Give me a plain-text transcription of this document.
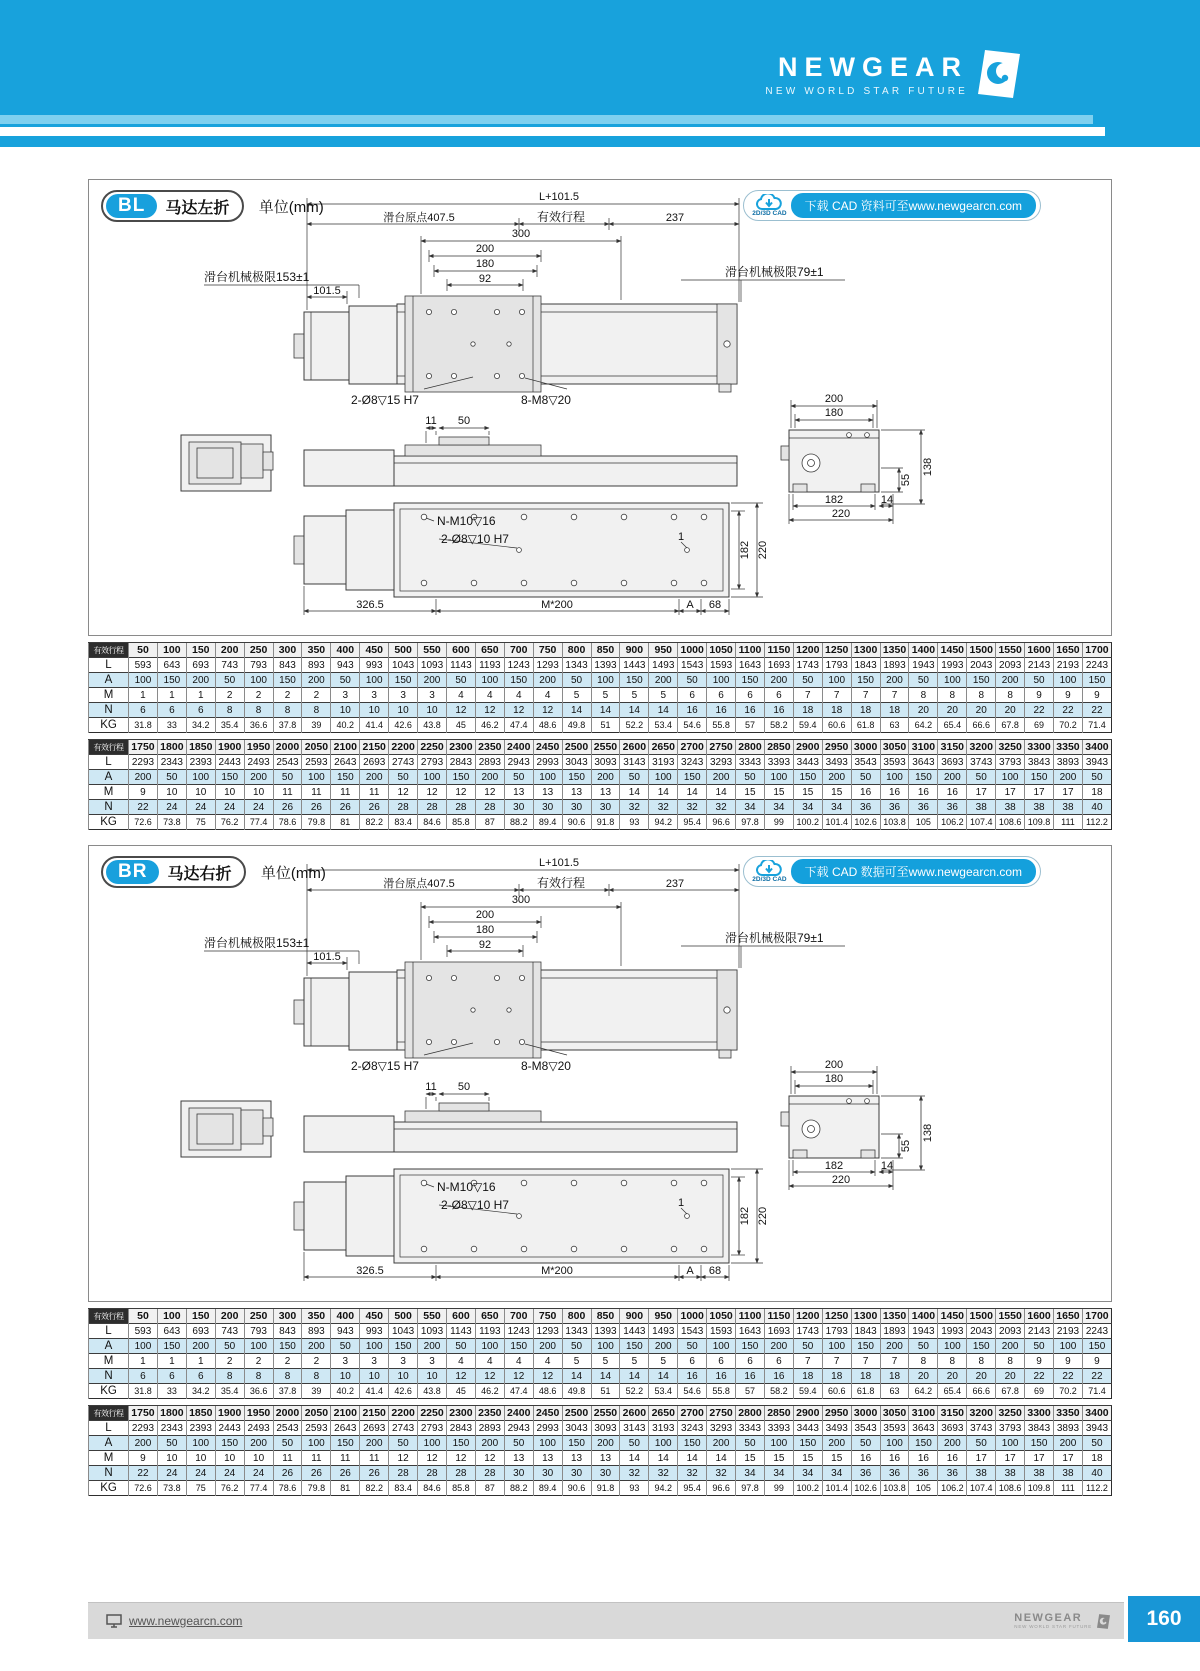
NEWGEAR
NEW WORLD STAR FUTURE
L+101.5
滑台原点407.5	有效行程	237
300
200
180
92
滑台机械极限153±1
101.5
滑台机械极限79±1
2-Ø8▽15 H7	8-M8▽20
11 50
200
180
55
138
182	14
220
N-M10▽16
2-Ø8▽10 H7	1
182 220
326.5	M*200	A 68
BL	马达左折	单位(mm)	2D/3D CAD
下载 CAD 资料可至www.newgearcn.com
有效行程	50	100	150	200	250	300	350	400	450	500	550	600	650	700	750	800	850	900	950	1000	1050	1100	1150	1200	1250	1300	1350	1400	1450	1500	1550	1600	1650	1700
L	593	643	693	743	793	843	893	943	993	1043	1093	1143	1193	1243	1293	1343	1393	1443	1493	1543	1593	1643	1693	1743	1793	1843	1893	1943	1993	2043	2093	2143	2193	2243
A	100	150	200	50	100	150	200	50	100	150	200	50	100	150	200	50	100	150	200	50	100	150	200	50	100	150	200	50	100	150	200	50	100	150
M	1	1	1	2	2	2	2	3	3	3	3	4	4	4	4	5	5	5	5	6	6	6	6	7	7	7	7	8	8	8	8	9	9	9
N	6	6	6	8	8	8	8	10	10	10	10	12	12	12	12	14	14	14	14	16	16	16	16	18	18	18	18	20	20	20	20	22	22	22
KG	31.8	33	34.2	35.4	36.6	37.8	39	40.2	41.4	42.6	43.8	45	46.2	47.4	48.6	49.8	51	52.2	53.4	54.6	55.8	57	58.2	59.4	60.6	61.8	63	64.2	65.4	66.6	67.8	69	70.2	71.4
有效行程	1750	1800	1850	1900	1950	2000	2050	2100	2150	2200	2250	2300	2350	2400	2450	2500	2550	2600	2650	2700	2750	2800	2850	2900	2950	3000	3050	3100	3150	3200	3250	3300	3350	3400
L	2293	2343	2393	2443	2493	2543	2593	2643	2693	2743	2793	2843	2893	2943	2993	3043	3093	3143	3193	3243	3293	3343	3393	3443	3493	3543	3593	3643	3693	3743	3793	3843	3893	3943
A	200	50	100	150	200	50	100	150	200	50	100	150	200	50	100	150	200	50	100	150	200	50	100	150	200	50	100	150	200	50	100	150	200	50
M	9	10	10	10	10	11	11	11	11	12	12	12	12	13	13	13	13	14	14	14	14	15	15	15	15	16	16	16	16	17	17	17	17	18
N	22	24	24	24	24	26	26	26	26	28	28	28	28	30	30	30	30	32	32	32	32	34	34	34	34	36	36	36	36	38	38	38	38	40
KG	72.6	73.8	75	76.2	77.4	78.6	79.8	81	82.2	83.4	84.6	85.8	87	88.2	89.4	90.6	91.8	93	94.2	95.4	96.6	97.8	99	100.2	101.4	102.6	103.8	105	106.2	107.4	108.6	109.8	111	112.2
L+101.5
滑台原点407.5	有效行程	237
300
200
180
92
滑台机械极限153±1
101.5
滑台机械极限79±1
2-Ø8▽15 H7	8-M8▽20
11 50
200
180
55
138
182	14
220
N-M10▽16
2-Ø8▽10 H7	1
182 220
326.5	M*200	A 68
BR	马达右折	单位(mm)	2D/3D CAD
下载 CAD 数据可至www.newgearcn.com
有效行程	50	100	150	200	250	300	350	400	450	500	550	600	650	700	750	800	850	900	950	1000	1050	1100	1150	1200	1250	1300	1350	1400	1450	1500	1550	1600	1650	1700
L	593	643	693	743	793	843	893	943	993	1043	1093	1143	1193	1243	1293	1343	1393	1443	1493	1543	1593	1643	1693	1743	1793	1843	1893	1943	1993	2043	2093	2143	2193	2243
A	100	150	200	50	100	150	200	50	100	150	200	50	100	150	200	50	100	150	200	50	100	150	200	50	100	150	200	50	100	150	200	50	100	150
M	1	1	1	2	2	2	2	3	3	3	3	4	4	4	4	5	5	5	5	6	6	6	6	7	7	7	7	8	8	8	8	9	9	9
N	6	6	6	8	8	8	8	10	10	10	10	12	12	12	12	14	14	14	14	16	16	16	16	18	18	18	18	20	20	20	20	22	22	22
KG	31.8	33	34.2	35.4	36.6	37.8	39	40.2	41.4	42.6	43.8	45	46.2	47.4	48.6	49.8	51	52.2	53.4	54.6	55.8	57	58.2	59.4	60.6	61.8	63	64.2	65.4	66.6	67.8	69	70.2	71.4
有效行程	1750	1800	1850	1900	1950	2000	2050	2100	2150	2200	2250	2300	2350	2400	2450	2500	2550	2600	2650	2700	2750	2800	2850	2900	2950	3000	3050	3100	3150	3200	3250	3300	3350	3400
L	2293	2343	2393	2443	2493	2543	2593	2643	2693	2743	2793	2843	2893	2943	2993	3043	3093	3143	3193	3243	3293	3343	3393	3443	3493	3543	3593	3643	3693	3743	3793	3843	3893	3943
A	200	50	100	150	200	50	100	150	200	50	100	150	200	50	100	150	200	50	100	150	200	50	100	150	200	50	100	150	200	50	100	150	200	50
M	9	10	10	10	10	11	11	11	11	12	12	12	12	13	13	13	13	14	14	14	14	15	15	15	15	16	16	16	16	17	17	17	17	18
N	22	24	24	24	24	26	26	26	26	28	28	28	28	30	30	30	30	32	32	32	32	34	34	34	34	36	36	36	36	38	38	38	38	40
KG	72.6	73.8	75	76.2	77.4	78.6	79.8	81	82.2	83.4	84.6	85.8	87	88.2	89.4	90.6	91.8	93	94.2	95.4	96.6	97.8	99	100.2	101.4	102.6	103.8	105	106.2	107.4	108.6	109.8	111	112.2
www.newgearcn.com	NEWGEAR
NEW WORLD STAR FUTURE	160
